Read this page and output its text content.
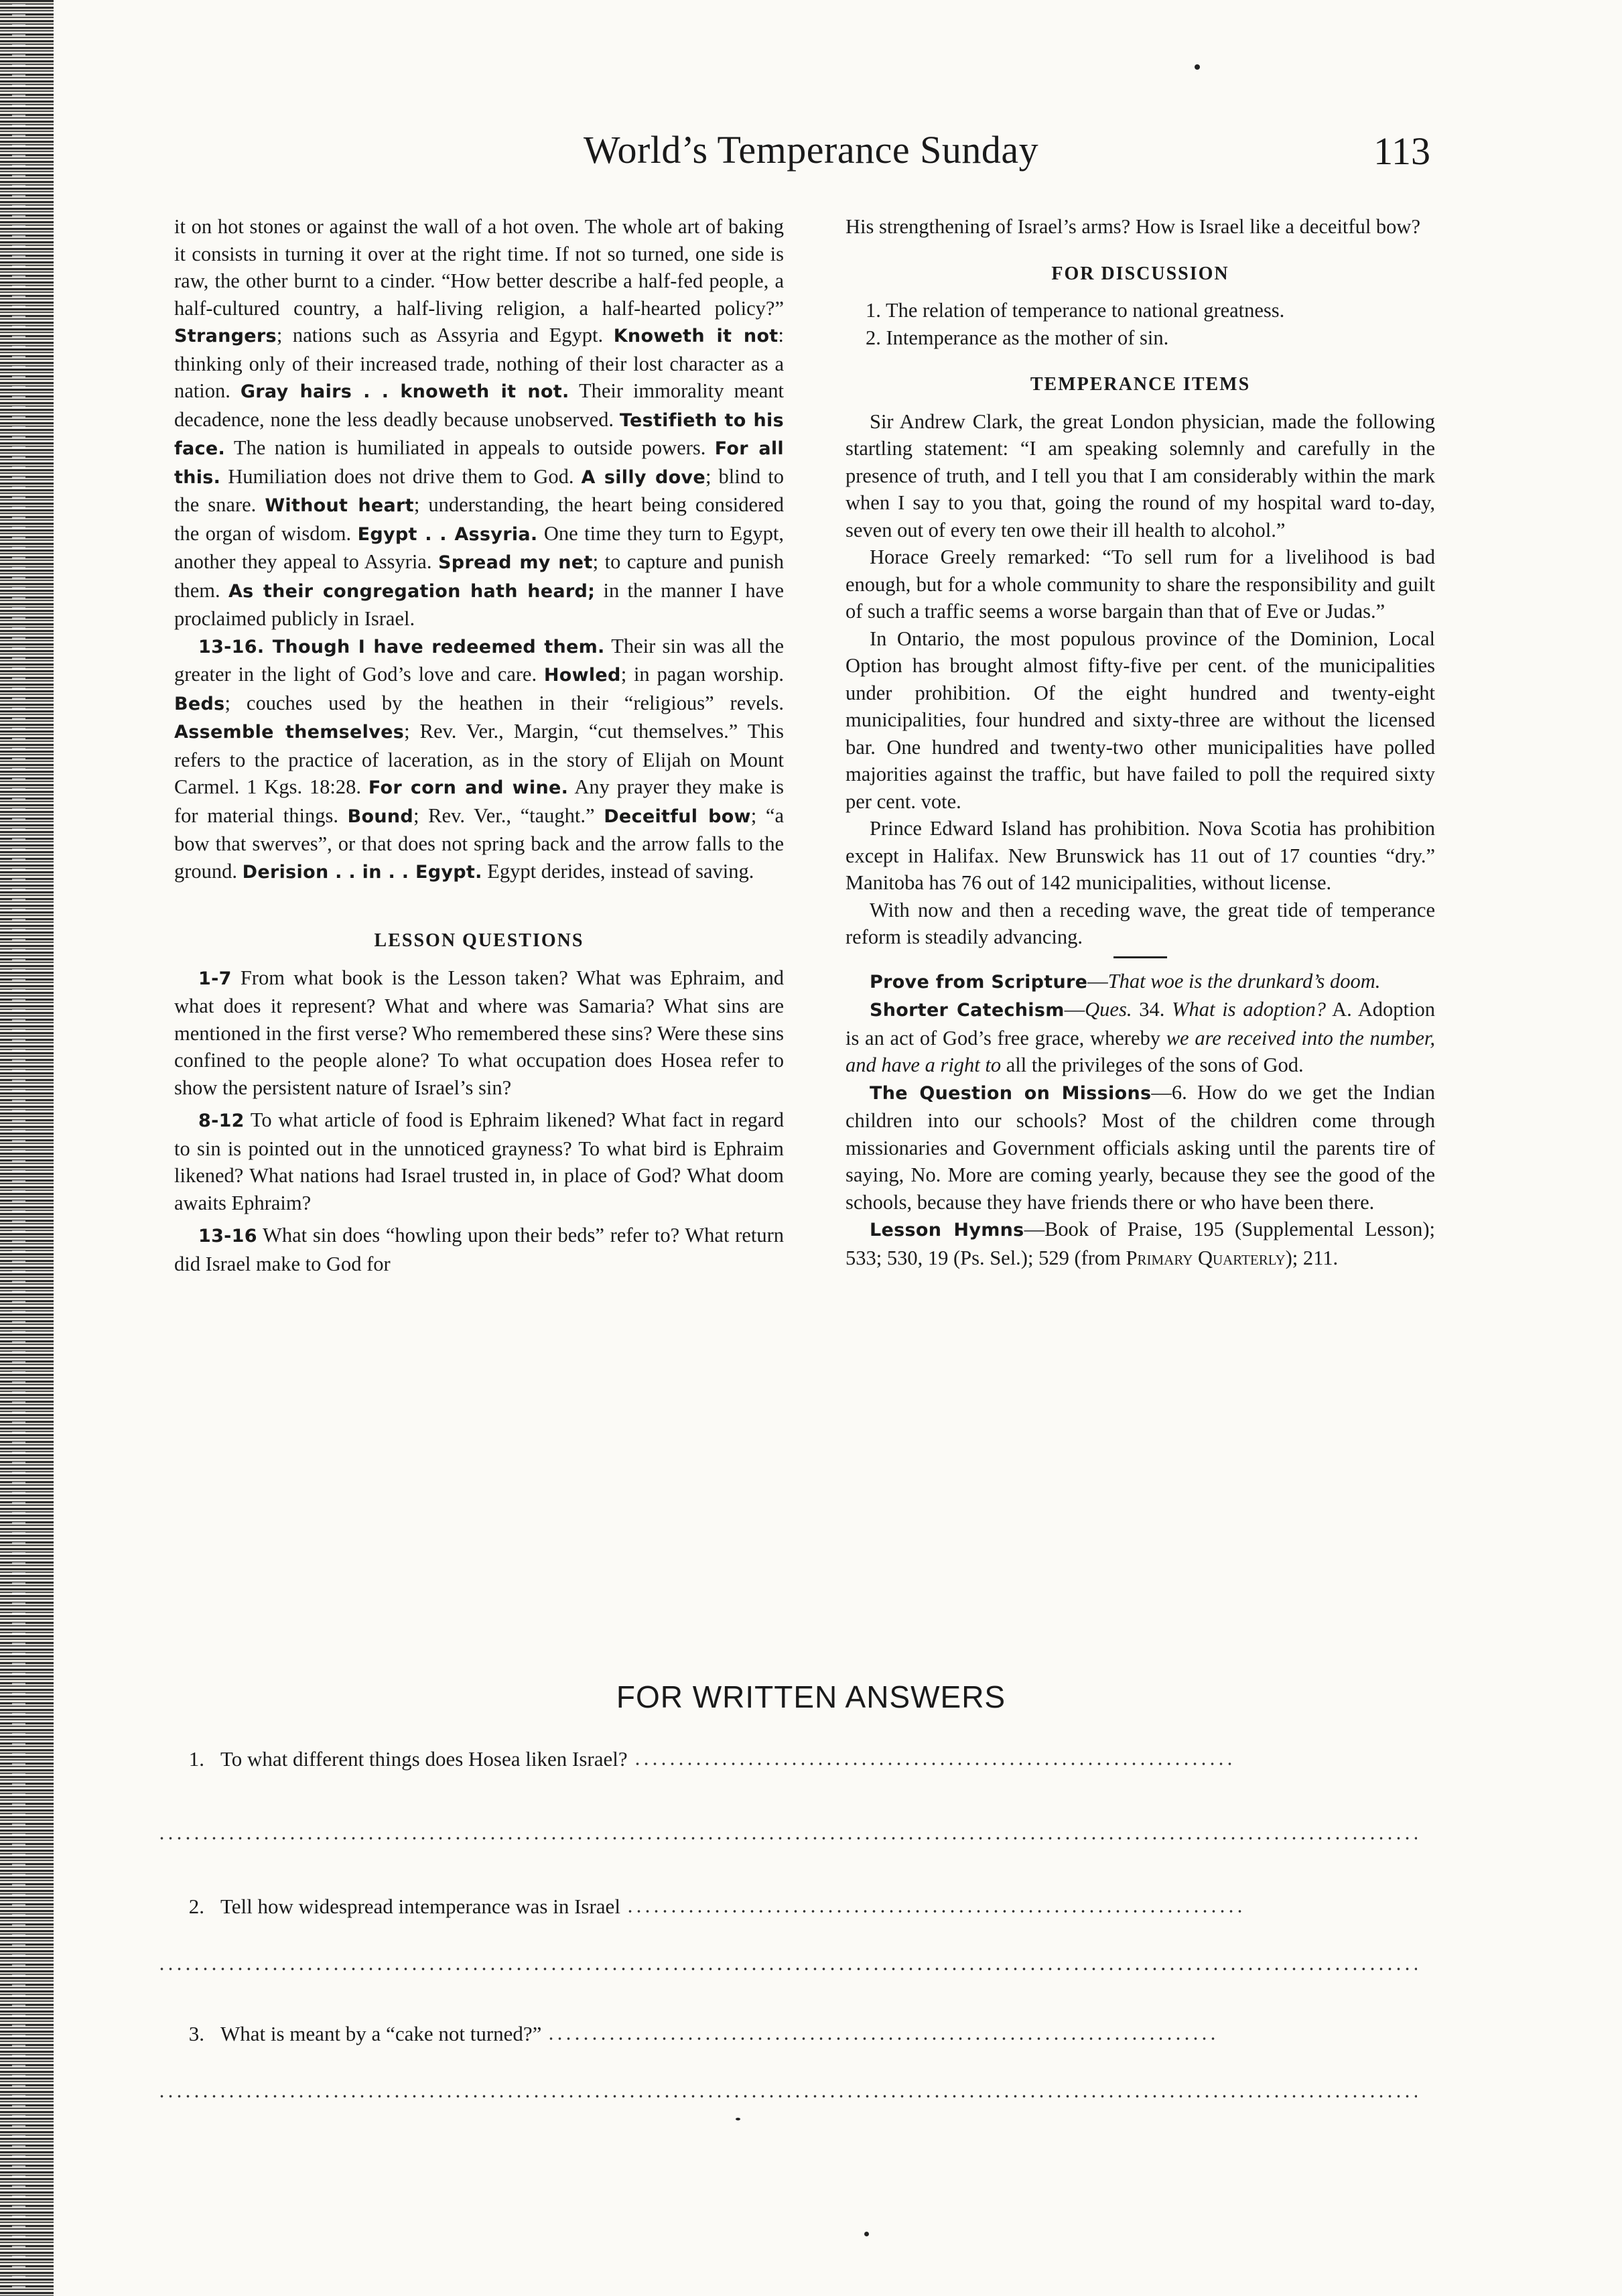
World’s Temperance Sunday	113

it on hot stones or against the wall of a hot oven. The whole art of baking it consists in turning it over at the right time. If not so turned, one side is raw, the other burnt to a cinder. “How better describe a half-fed people, a half-cultured country, a half-living religion, a half-hearted policy?” Strangers; nations such as Assyria and Egypt. Knoweth it not: thinking only of their increased trade, nothing of their lost character as a nation. Gray hairs . . knoweth it not. Their immorality meant decadence, none the less deadly because unobserved. Testifieth to his face. The nation is humiliated in appeals to outside powers. For all this. Humiliation does not drive them to God. A silly dove; blind to the snare. Without heart; understanding, the heart being considered the organ of wisdom. Egypt . . Assyria. One time they turn to Egypt, another they appeal to Assyria. Spread my net; to capture and punish them. As their congregation hath heard; in the manner I have proclaimed publicly in Israel.

13-16. Though I have redeemed them. Their sin was all the greater in the light of God’s love and care. Howled; in pagan worship. Beds; couches used by the heathen in their “religious” revels. Assemble themselves; Rev. Ver., Margin, “cut themselves.” This refers to the practice of laceration, as in the story of Elijah on Mount Carmel. 1 Kgs. 18:28. For corn and wine. Any prayer they make is for material things. Bound; Rev. Ver., “taught.” Deceitful bow; “a bow that swerves”, or that does not spring back and the arrow falls to the ground. Derision . . in . . Egypt. Egypt derides, instead of saving.

LESSON QUESTIONS

1-7 From what book is the Lesson taken? What was Ephraim, and what does it represent? What and where was Samaria? What sins are mentioned in the first verse? Who remembered these sins? Were these sins confined to the people alone? To what occupation does Hosea refer to show the persistent nature of Israel’s sin?

8-12 To what article of food is Ephraim likened? What fact in regard to sin is pointed out in the unnoticed grayness? To what bird is Ephraim likened? What nations had Israel trusted in, in place of God? What doom awaits Ephraim?

13-16 What sin does “howling upon their beds” refer to? What return did Israel make to God for

His strengthening of Israel’s arms? How is Israel like a deceitful bow?

FOR DISCUSSION

1. The relation of temperance to national greatness.

2. Intemperance as the mother of sin.

TEMPERANCE ITEMS

Sir Andrew Clark, the great London physician, made the following startling statement: “I am speaking solemnly and carefully in the presence of truth, and I tell you that I am considerably within the mark when I say to you that, going the round of my hospital ward to-day, seven out of every ten owe their ill health to alcohol.”

Horace Greely remarked: “To sell rum for a livelihood is bad enough, but for a whole community to share the responsibility and guilt of such a traffic seems a worse bargain than that of Eve or Judas.”

In Ontario, the most populous province of the Dominion, Local Option has brought almost fifty-five per cent. of the municipalities under prohibition. Of the eight hundred and twenty-eight municipalities, four hundred and sixty-three are without the licensed bar. One hundred and twenty-two other municipalities have polled majorities against the traffic, but have failed to poll the required sixty per cent. vote.

Prince Edward Island has prohibition. Nova Scotia has prohibition except in Halifax. New Brunswick has 11 out of 17 counties “dry.” Manitoba has 76 out of 142 municipalities, without license.

With now and then a receding wave, the great tide of temperance reform is steadily advancing.

Prove from Scripture—That woe is the drunkard’s doom.

Shorter Catechism—Ques. 34. What is adoption? A. Adoption is an act of God’s free grace, whereby we are received into the number, and have a right to all the privileges of the sons of God.

The Question on Missions—6. How do we get the Indian children into our schools? Most of the children come through missionaries and Government officials asking until the parents tire of saying, No. More are coming yearly, because they see the good of the schools, because they have friends there or who have been there.

Lesson Hymns—Book of Praise, 195 (Supplemental Lesson); 533; 530, 19 (Ps. Sel.); 529 (from Primary Quarterly); 211.

FOR WRITTEN ANSWERS
1. To what different things does Hosea liken Israel?
2. Tell how widespread intemperance was in Israel
3. What is meant by a “cake not turned?”
